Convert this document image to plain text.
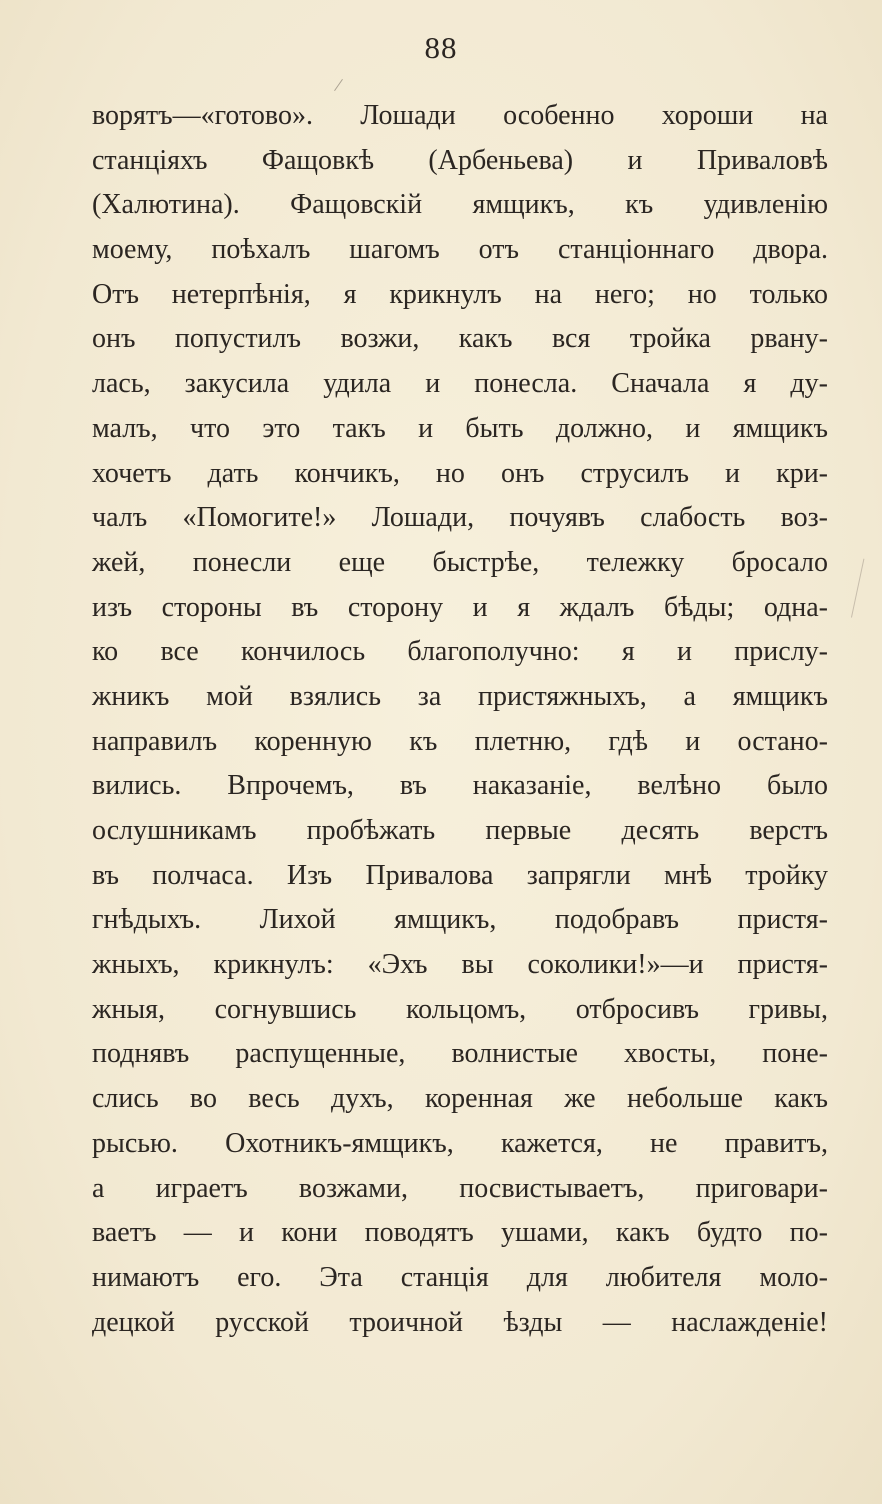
88
ворятъ—«готово». Лошади особенно хороши на
станціяхъ Фащовкѣ (Арбеньева) и Приваловѣ
(Халютина). Фащовскій ямщикъ, къ удивленію
моему, поѣхалъ шагомъ отъ станціоннаго двора.
Отъ нетерпѣнія, я крикнулъ на него; но только
онъ попустилъ возжи, какъ вся тройка рвану-
лась, закусила удила и понесла. Сначала я ду-
малъ, что это такъ и быть должно, и ямщикъ
хочетъ дать кончикъ, но онъ струсилъ и кри-
чалъ «Помогите!» Лошади, почуявъ слабость воз-
жей, понесли еще быстрѣе, тележку бросало
изъ стороны въ сторону и я ждалъ бѣды; одна-
ко все кончилось благополучно: я и прислу-
жникъ мой взялись за пристяжныхъ, а ямщикъ
направилъ коренную къ плетню, гдѣ и остано-
вились. Впрочемъ, въ наказаніе, велѣно было
ослушникамъ пробѣжать первые десять верстъ
въ полчаса. Изъ Привалова запрягли мнѣ тройку
гнѣдыхъ. Лихой ямщикъ, подобравъ пристя-
жныхъ, крикнулъ: «Эхъ вы соколики!»—и пристя-
жныя, согнувшись кольцомъ, отбросивъ гривы,
поднявъ распущенные, волнистые хвосты, поне-
слись во весь духъ, коренная же небольше какъ
рысью. Охотникъ-ямщикъ, кажется, не правитъ,
а играетъ возжами, посвистываетъ, приговари-
ваетъ — и кони поводятъ ушами, какъ будто по-
нимаютъ его. Эта станція для любителя моло-
децкой русской троичной ѣзды — наслажденіе!
